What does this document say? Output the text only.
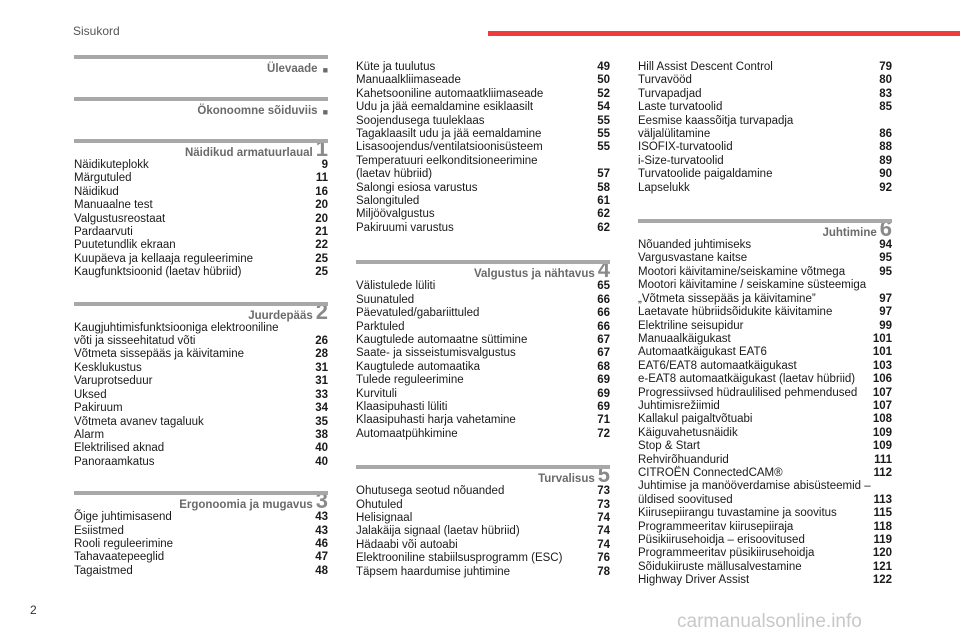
Sisukord
Ülevaade ■
Ökonoomne sõiduviis ■
Näidikud armatuurlaual 1
Näidikuteplokk	9
Märgutuled	11
Näidikud	16
Manuaalne test	20
Valgustusreostaat	20
Pardaarvuti	21
Puutetundlik ekraan	22
Kuupäeva ja kellaaja reguleerimine	25
Kaugfunktsioonid (laetav hübriid)	25
Juurdepääs 2
Kaugjuhtimisfunktsiooniga elektrooniline
võti ja sisseehitatud võti	26
Võtmeta sissepääs ja käivitamine	28
Kesklukustus	31
Varuprotseduur	31
Uksed	33
Pakiruum	34
Võtmeta avanev tagaluuk	35
Alarm	38
Elektrilised aknad	40
Panoraamkatus	40
Ergonoomia ja mugavus 3
Õige juhtimisasend	43
Esiistmed	43
Rooli reguleerimine	46
Tahavaatepeeglid	47
Tagaistmed	48
Küte ja tuulutus	49
Manuaalkliimaseade	50
Kahetsooniline automaatkliimaseade	52
Udu ja jää eemaldamine esiklaasilt	54
Soojendusega tuuleklaas	55
Tagaklaasilt udu ja jää eemaldamine	55
Lisasoojendus/ventilatsioonisüsteem	55
Temperatuuri eelkonditsioneerimine
(laetav hübriid)	57
Salongi esiosa varustus	58
Salongituled	61
Miljöövalgustus	62
Pakiruumi varustus	62
Valgustus ja nähtavus 4
Välistulede lüliti	65
Suunatuled	66
Päevatuled/gabariittuled	66
Parktuled	66
Kaugtulede automaatne süttimine	67
Saate- ja sisseistumisvalgustus	67
Kaugtulede automaatika	68
Tulede reguleerimine	69
Kurvituli	69
Klaasipuhasti lüliti	69
Klaasipuhasti harja vahetamine	71
Automaatpühkimine	72
Turvalisus 5
Ohutusega seotud nõuanded	73
Ohutuled	73
Helisignaal	74
Jalakäija signaal (laetav hübriid)	74
Hädaabi või autoabi	74
Elektrooniline stabiilsusprogramm (ESC)	76
Täpsem haardumise juhtimine	78
Hill Assist Descent Control	79
Turvavööd	80
Turvapadjad	83
Laste turvatoolid	85
Eesmise kaassõitja turvapadja väljalülitamine	86
ISOFIX-turvatoolid	88
i-Size-turvatoolid	89
Turvatoolide paigaldamine	90
Lapselukk	92
Juhtimine 6
Nõuanded juhtimiseks	94
Vargusvastane kaitse	95
Mootori käivitamine/seiskamine võtmega	95
Mootori käivitamine / seiskamine süsteemiga
„Võtmeta sissepääs ja käivitamine”	97
Laetavate hübriidsõidukite käivitamine	97
Elektriline seisupidur	99
Manuaalkäigukast	101
Automaatkäigukast EAT6	101
EAT6/EAT8 automaatkäigukast	103
e-EAT8 automaatkäigukast (laetav hübriid)	106
Progressiivsed hüdraulilised pehmendused	107
Juhtimisrežiimid	107
Kallakul paigaltvõtuabi	108
Käiguvahetusnäidik	109
Stop & Start	109
Rehvirõhuandurid	111
CITROËN ConnectedCAM®	112
Juhtimise ja manööverdamise abisüsteemid –
üldised soovitused	113
Kiirusepiirangu tuvastamine ja soovitus	115
Programmeeritav kiirusepiiraja	118
Püsikiirusehoidja – erisoovitused	119
Programmeeritav püsikiirusehoidja	120
Sõidukiiruste mällusalvestamine	121
Highway Driver Assist	122
2
carmanualsonline.info
